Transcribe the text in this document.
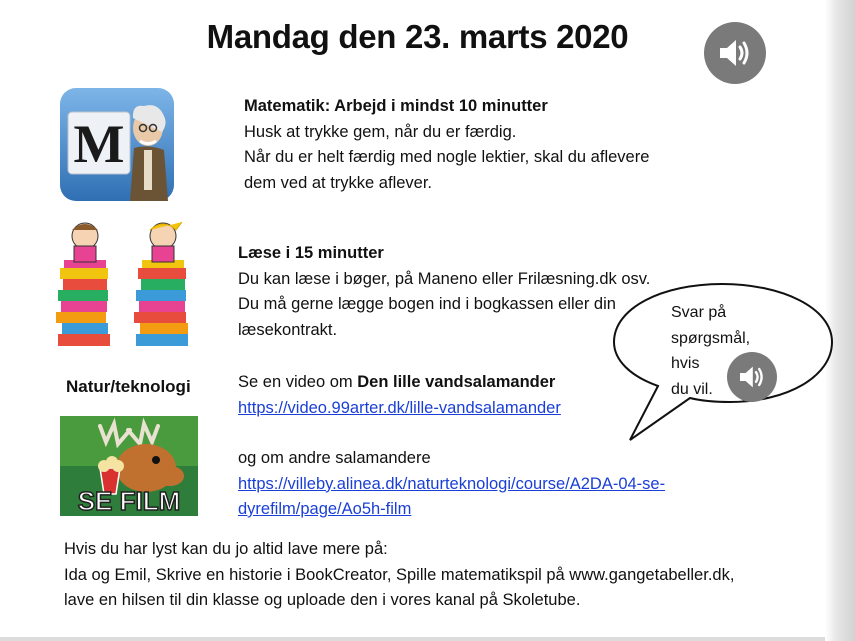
Mandag den 23. marts 2020
M
Matematik: Arbejd i mindst 10 minutter
Husk at trykke gem, når du er færdig.
Når du er helt færdig med nogle lektier, skal du aflevere
dem ved at trykke aflever.
Læse i 15 minutter
Du kan læse i bøger, på Maneno eller Frilæsning.dk osv.
Du må gerne lægge bogen ind i bogkassen eller din
læsekontrakt.
Svar på
spørgsmål, hvis
du vil.
Natur/teknologi
SE FILM
Se en video om Den lille vandsalamander
https://video.99arter.dk/lille-vandsalamander
og om andre salamandere
https://villeby.alinea.dk/naturteknologi/course/A2DA-04-se-
dyrefilm/page/Ao5h-film
Hvis du har lyst kan du jo altid lave mere på:
Ida og Emil, Skrive en historie i BookCreator, Spille matematikspil på www.gangetabeller.dk,
lave en hilsen til din klasse og uploade den i vores kanal på Skoletube.
